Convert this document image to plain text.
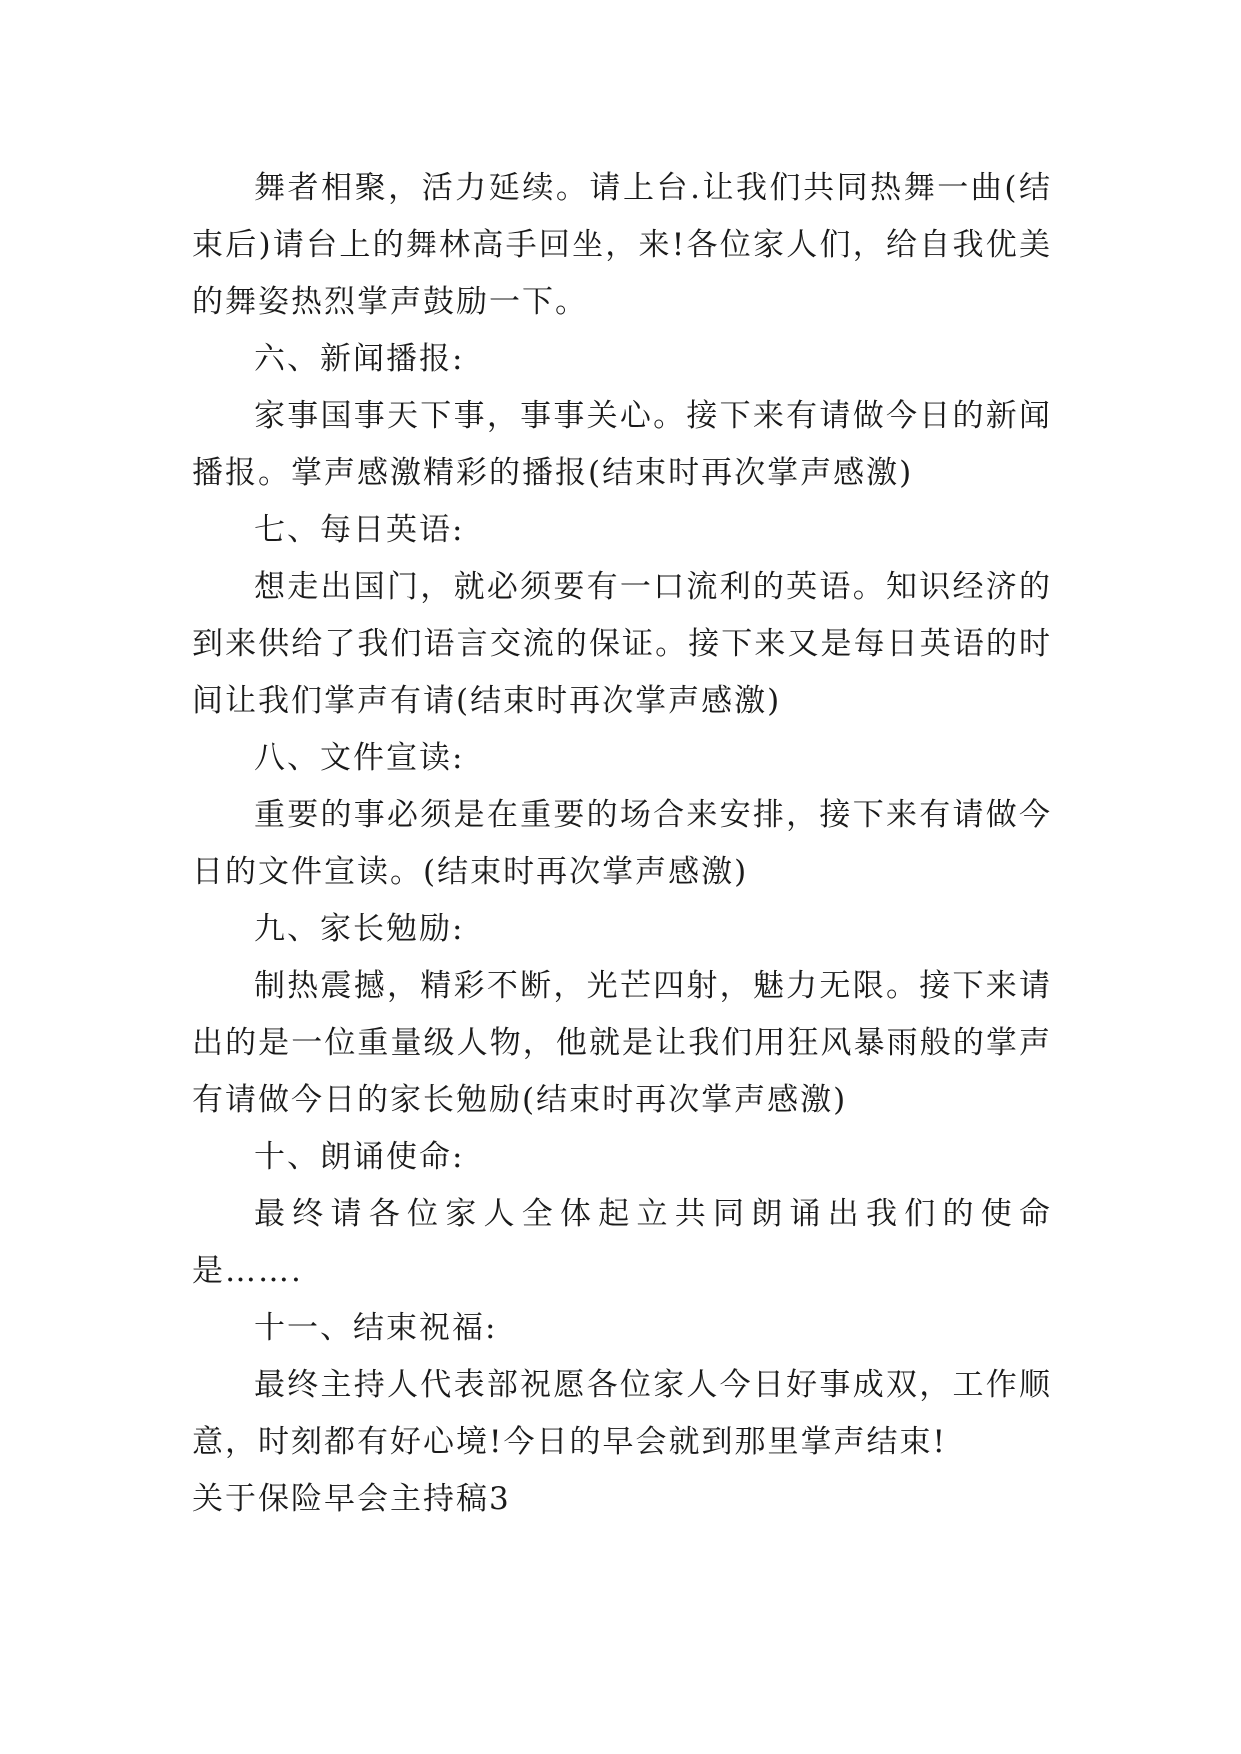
舞者相聚，活力延续。请上台.让我们共同热舞一曲(结束后)请台上的舞林高手回坐，来!各位家人们，给自我优美的舞姿热烈掌声鼓励一下。

六、新闻播报:

家事国事天下事，事事关心。接下来有请做今日的新闻播报。掌声感激精彩的播报(结束时再次掌声感激)

七、每日英语:

想走出国门，就必须要有一口流利的英语。知识经济的到来供给了我们语言交流的保证。接下来又是每日英语的时间让我们掌声有请(结束时再次掌声感激)

八、文件宣读:

重要的事必须是在重要的场合来安排，接下来有请做今日的文件宣读。(结束时再次掌声感激)

九、家长勉励:

制热震撼，精彩不断，光芒四射，魅力无限。接下来请出的是一位重量级人物，他就是让我们用狂风暴雨般的掌声有请做今日的家长勉励(结束时再次掌声感激)

十、朗诵使命:

最终请各位家人全体起立共同朗诵出我们的使命是…….

十一、结束祝福:

最终主持人代表部祝愿各位家人今日好事成双，工作顺意，时刻都有好心境!今日的早会就到那里掌声结束!

关于保险早会主持稿3
